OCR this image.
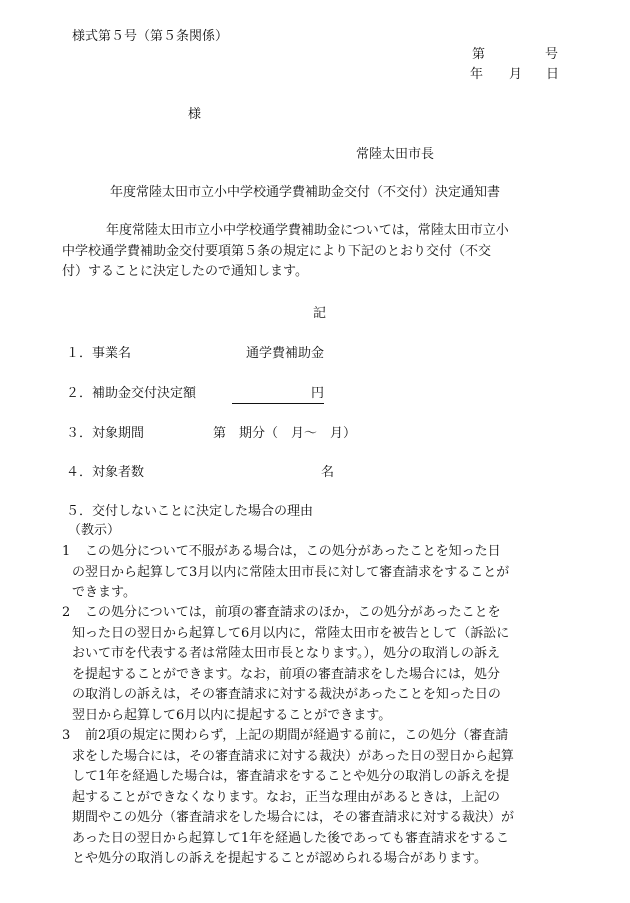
様式第５号（第５条関係）
第	号
年 月 日
様
常陸太田市長
年度常陸太田市立小中学校通学費補助金交付（不交付）決定通知書
年度常陸太田市立小中学校通学費補助金については，常陸太田市立小
中学校通学費補助金交付要項第５条の規定により下記のとおり交付（不交
付）することに決定したので通知します。
記
１．事業名	通学費補助金
２．補助金交付決定額	円
３．対象期間	第　期分（　月～　月）
４．対象者数	名
５．交付しないことに決定した場合の理由
（教示）
1 　この処分について不服がある場合は，この処分があったことを知った日
の翌日から起算して3月以内に常陸太田市長に対して審査請求をすることが
できます。
2 　この処分については，前項の審査請求のほか，この処分があったことを
知った日の翌日から起算して6月以内に，常陸太田市を被告として（訴訟に
おいて市を代表する者は常陸太田市長となります。），処分の取消しの訴え
を提起することができます。なお，前項の審査請求をした場合には，処分
の取消しの訴えは，その審査請求に対する裁決があったことを知った日の
翌日から起算して6月以内に提起することができます。
3 　前2項の規定に関わらず，上記の期間が経過する前に，この処分（審査請
求をした場合には，その審査請求に対する裁決）があった日の翌日から起算
して1年を経過した場合は，審査請求をすることや処分の取消しの訴えを提
起することができなくなります。なお，正当な理由があるときは，上記の
期間やこの処分（審査請求をした場合には，その審査請求に対する裁決）が
あった日の翌日から起算して1年を経過した後であっても審査請求をするこ
とや処分の取消しの訴えを提起することが認められる場合があります。
